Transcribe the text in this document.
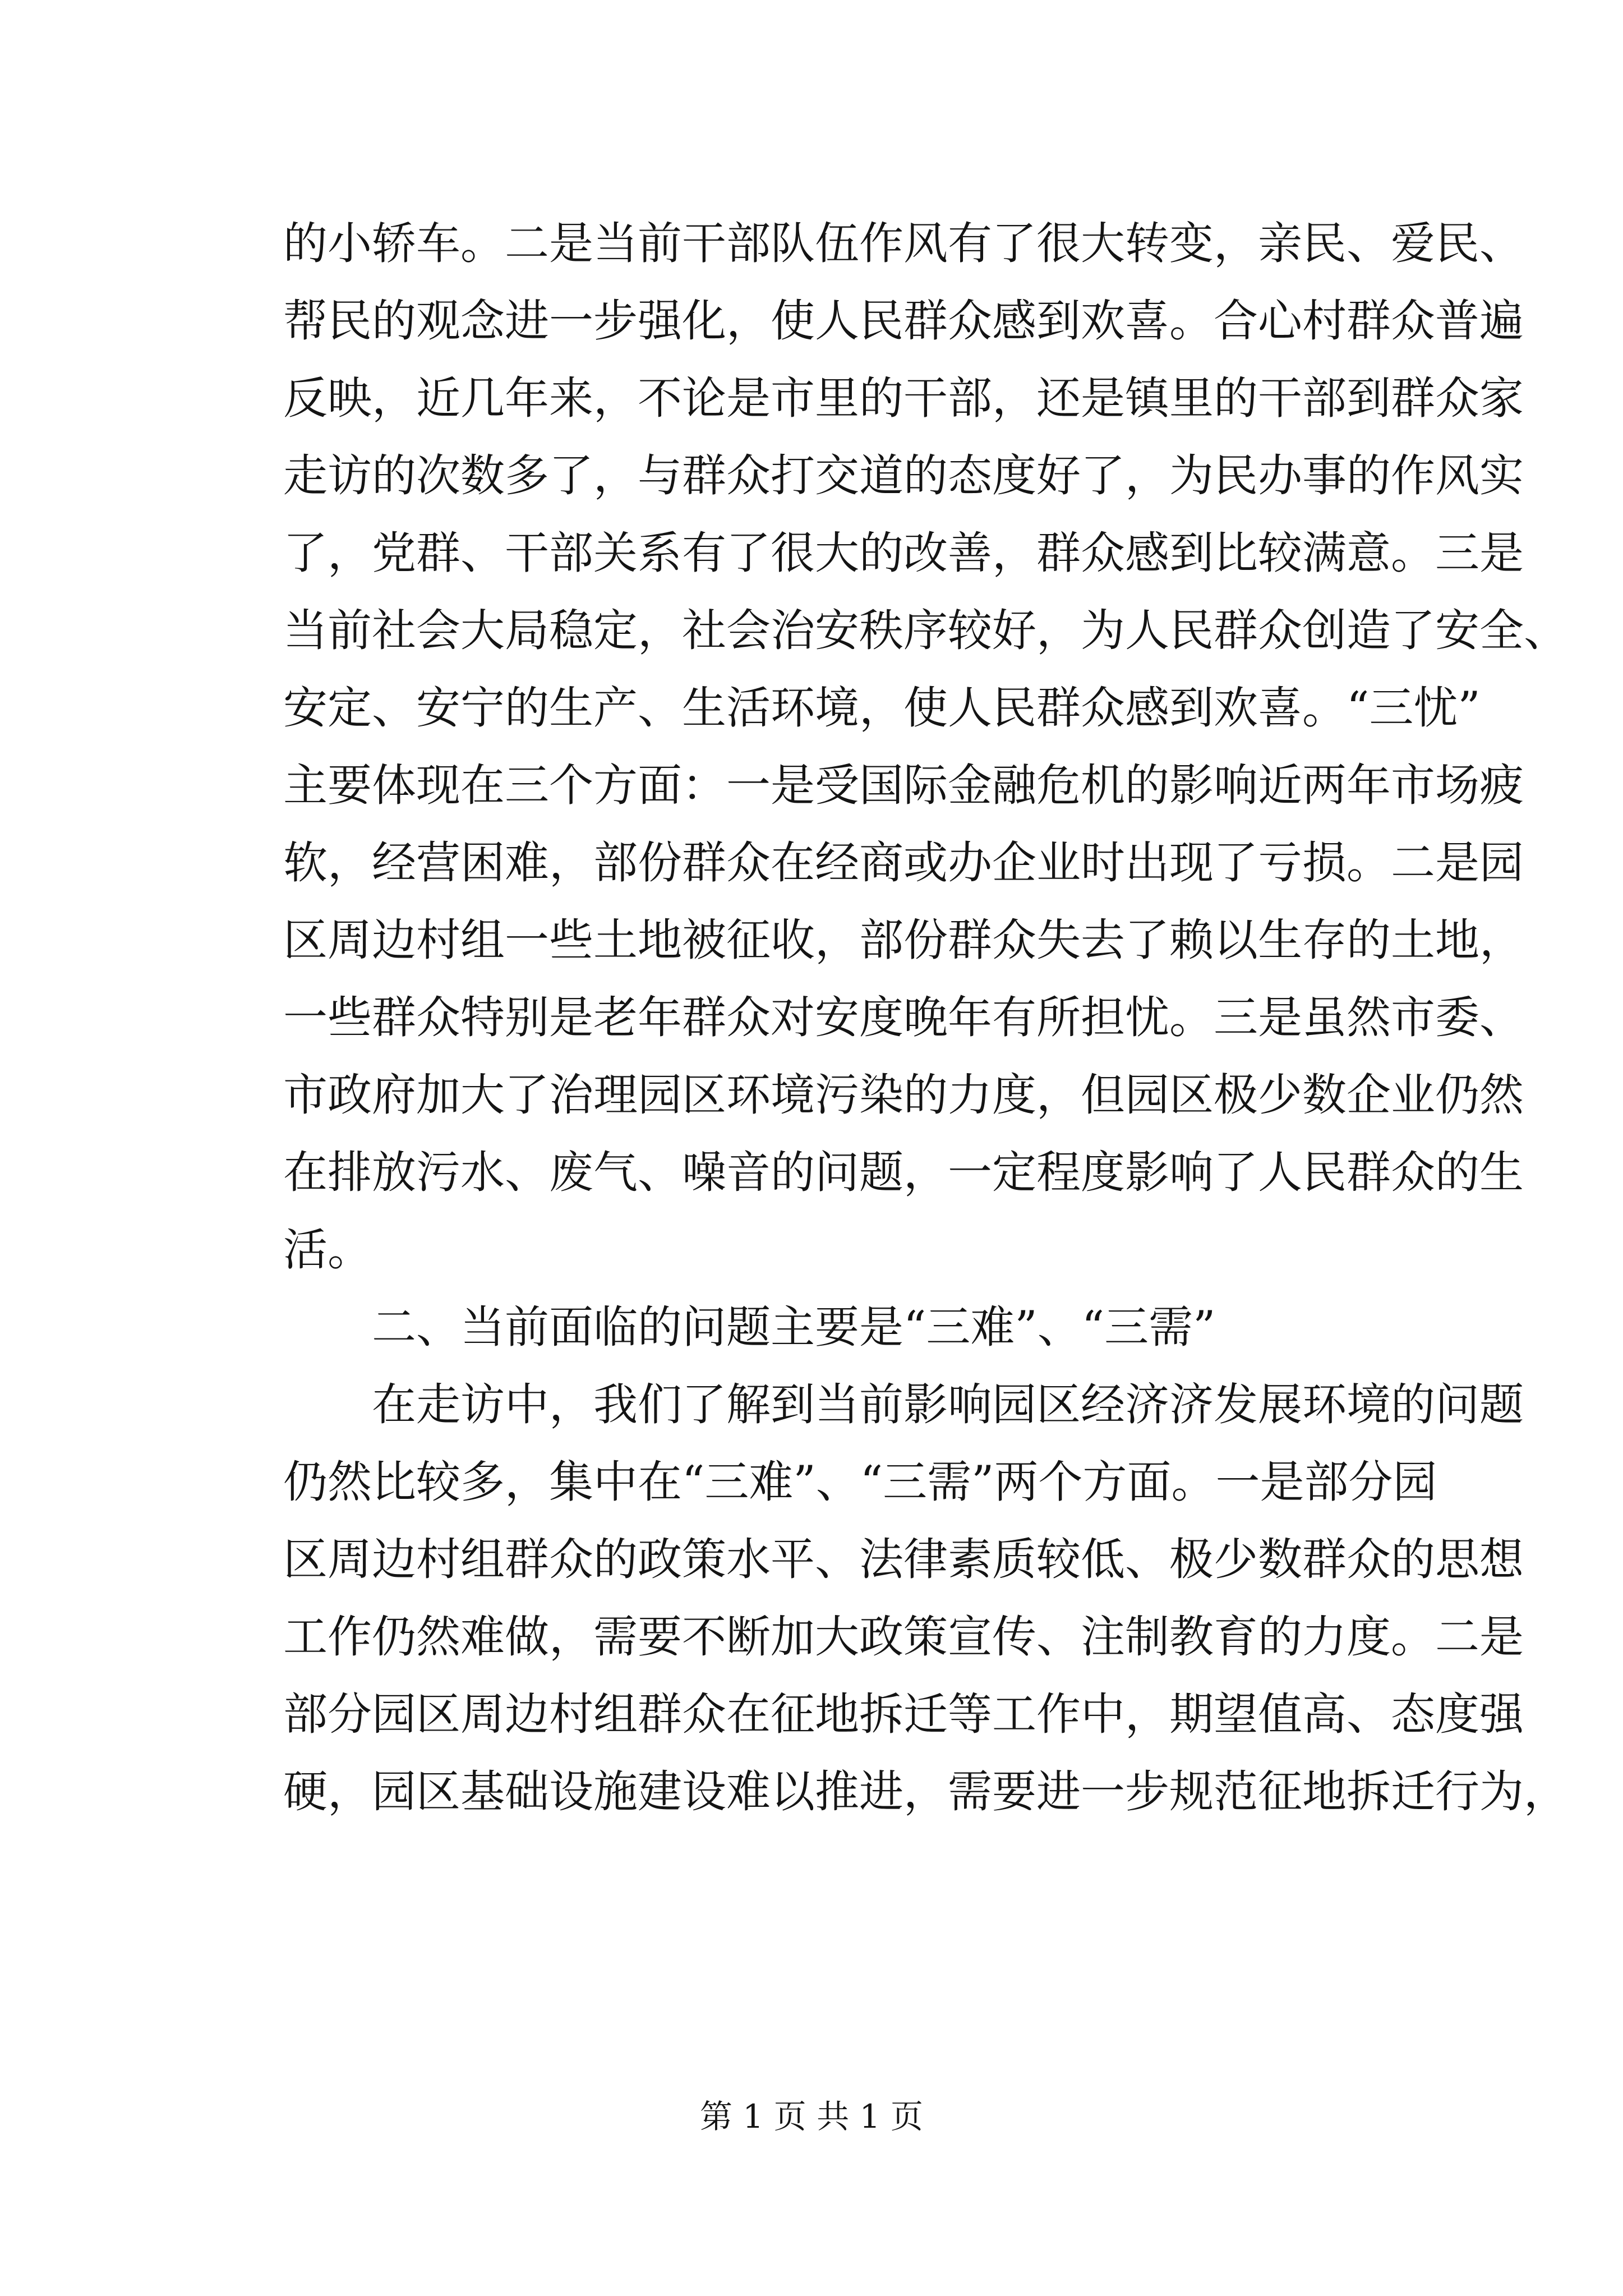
的小轿车。二是当前干部队伍作风有了很大转变，亲民、爱民、
帮民的观念进一步强化，使人民群众感到欢喜。合心村群众普遍
反映，近几年来，不论是市里的干部，还是镇里的干部到群众家
走访的次数多了，与群众打交道的态度好了，为民办事的作风实
了，党群、干部关系有了很大的改善，群众感到比较满意。三是
当前社会大局稳定，社会治安秩序较好，为人民群众创造了安全、
安定、安宁的生产、生活环境，使人民群众感到欢喜。“三忧”
主要体现在三个方面：一是受国际金融危机的影响近两年市场疲
软，经营困难，部份群众在经商或办企业时出现了亏损。二是园
区周边村组一些土地被征收，部份群众失去了赖以生存的土地，
一些群众特别是老年群众对安度晚年有所担忧。三是虽然市委、
市政府加大了治理园区环境污染的力度，但园区极少数企业仍然
在排放污水、废气、噪音的问题，一定程度影响了人民群众的生
活。
二、当前面临的问题主要是“三难”、“三需”
在走访中，我们了解到当前影响园区经济济发展环境的问题
仍然比较多，集中在“三难”、“三需”两个方面。一是部分园
区周边村组群众的政策水平、法律素质较低、极少数群众的思想
工作仍然难做，需要不断加大政策宣传、注制教育的力度。二是
部分园区周边村组群众在征地拆迁等工作中，期望值高、态度强
硬，园区基础设施建设难以推进，需要进一步规范征地拆迁行为，
第 1 页 共 1 页
